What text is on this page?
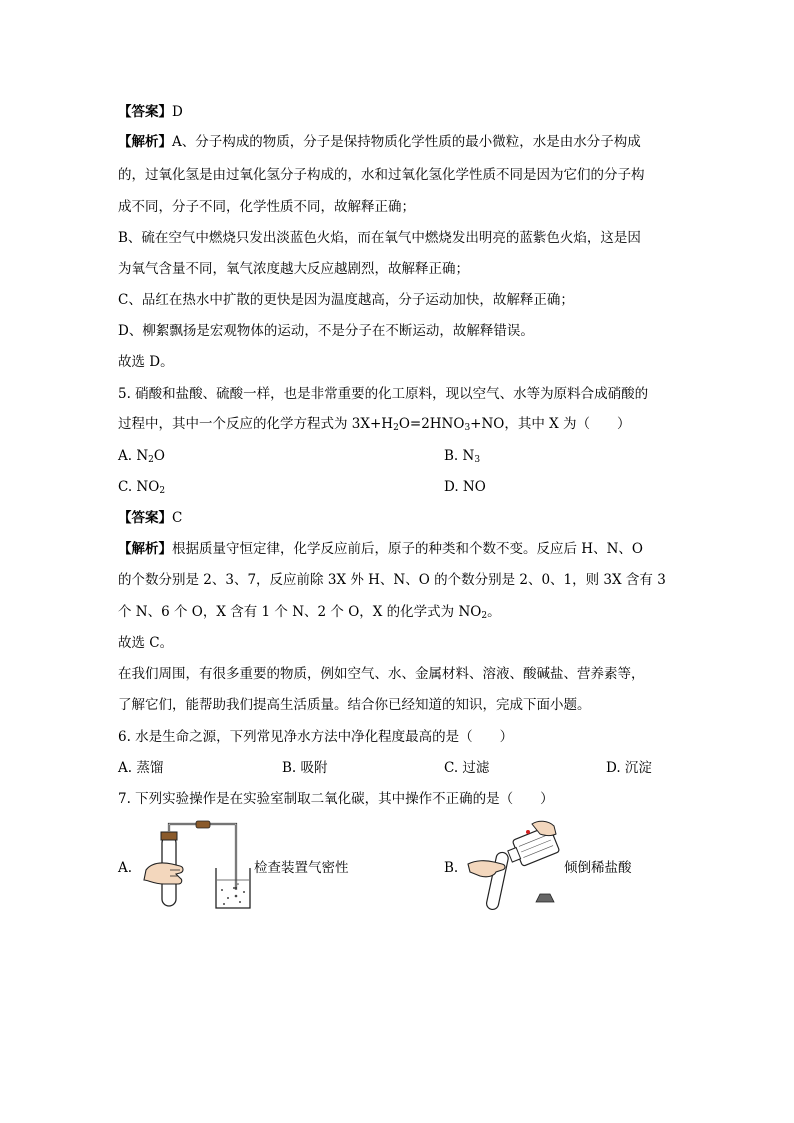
【答案】D
【解析】A、分子构成的物质，分子是保持物质化学性质的最小微粒，水是由水分子构成
的，过氧化氢是由过氧化氢分子构成的，水和过氧化氢化学性质不同是因为它们的分子构
成不同，分子不同，化学性质不同，故解释正确；
B、硫在空气中燃烧只发出淡蓝色火焰，而在氧气中燃烧发出明亮的蓝紫色火焰，这是因
为氧气含量不同，氧气浓度越大反应越剧烈，故解释正确；
C、品红在热水中扩散的更快是因为温度越高，分子运动加快，故解释正确；
D、柳絮飘扬是宏观物体的运动，不是分子在不断运动，故解释错误。
故选 D。
5. 硝酸和盐酸、硫酸一样，也是非常重要的化工原料，现以空气、水等为原料合成硝酸的
过程中，其中一个反应的化学方程式为 $3X+H_2O=2HNO_3+NO$，其中 X 为（　　）
A. $N_2O$	B. $N_3$
C. $NO_2$	D. NO
【答案】C
【解析】根据质量守恒定律，化学反应前后，原子的种类和个数不变。反应后 H、N、O
的个数分别是 2、3、7，反应前除 3X 外 H、N、O 的个数分别是 2、0、1，则 3X 含有 3
个 N、6 个 O，X 含有 1 个 N、2 个 O，X 的化学式为 $NO_2$。
故选 C。
在我们周围，有很多重要的物质，例如空气、水、金属材料、溶液、酸碱盐、营养素等，
了解它们，能帮助我们提高生活质量。结合你已经知道的知识，完成下面小题。
6. 水是生命之源，下列常见净水方法中净化程度最高的是（　　）
A. 蒸馏	B. 吸附	C. 过滤	D. 沉淀
7. 下列实验操作是在实验室制取二氧化碳，其中操作不正确的是（　　）
A.	检查装置气密性	B.	倾倒稀盐酸
